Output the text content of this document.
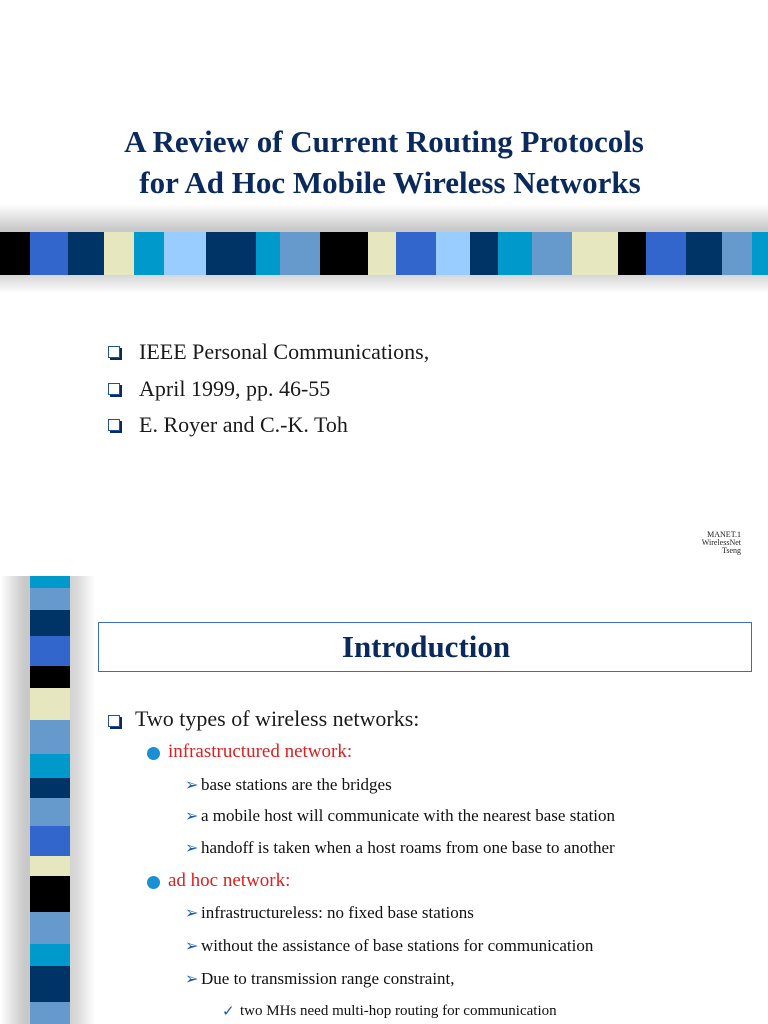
A Review of Current Routing Protocols

for Ad Hoc Mobile Wireless Networks
IEEE Personal Communications,
April 1999, pp. 46-55
E. Royer and C.-K. Toh
MANET.1
WirelessNet
Tseng
Introduction
Two types of wireless networks:
infrastructured network:
➢ base stations are the bridges
➢ a mobile host will communicate with the nearest base station
➢ handoff is taken when a host roams from one base to another
ad hoc network:
➢ infrastructureless: no fixed base stations
➢ without the assistance of base stations for communication
➢ Due to transmission range constraint,
✓ two MHs need multi-hop routing for communication
